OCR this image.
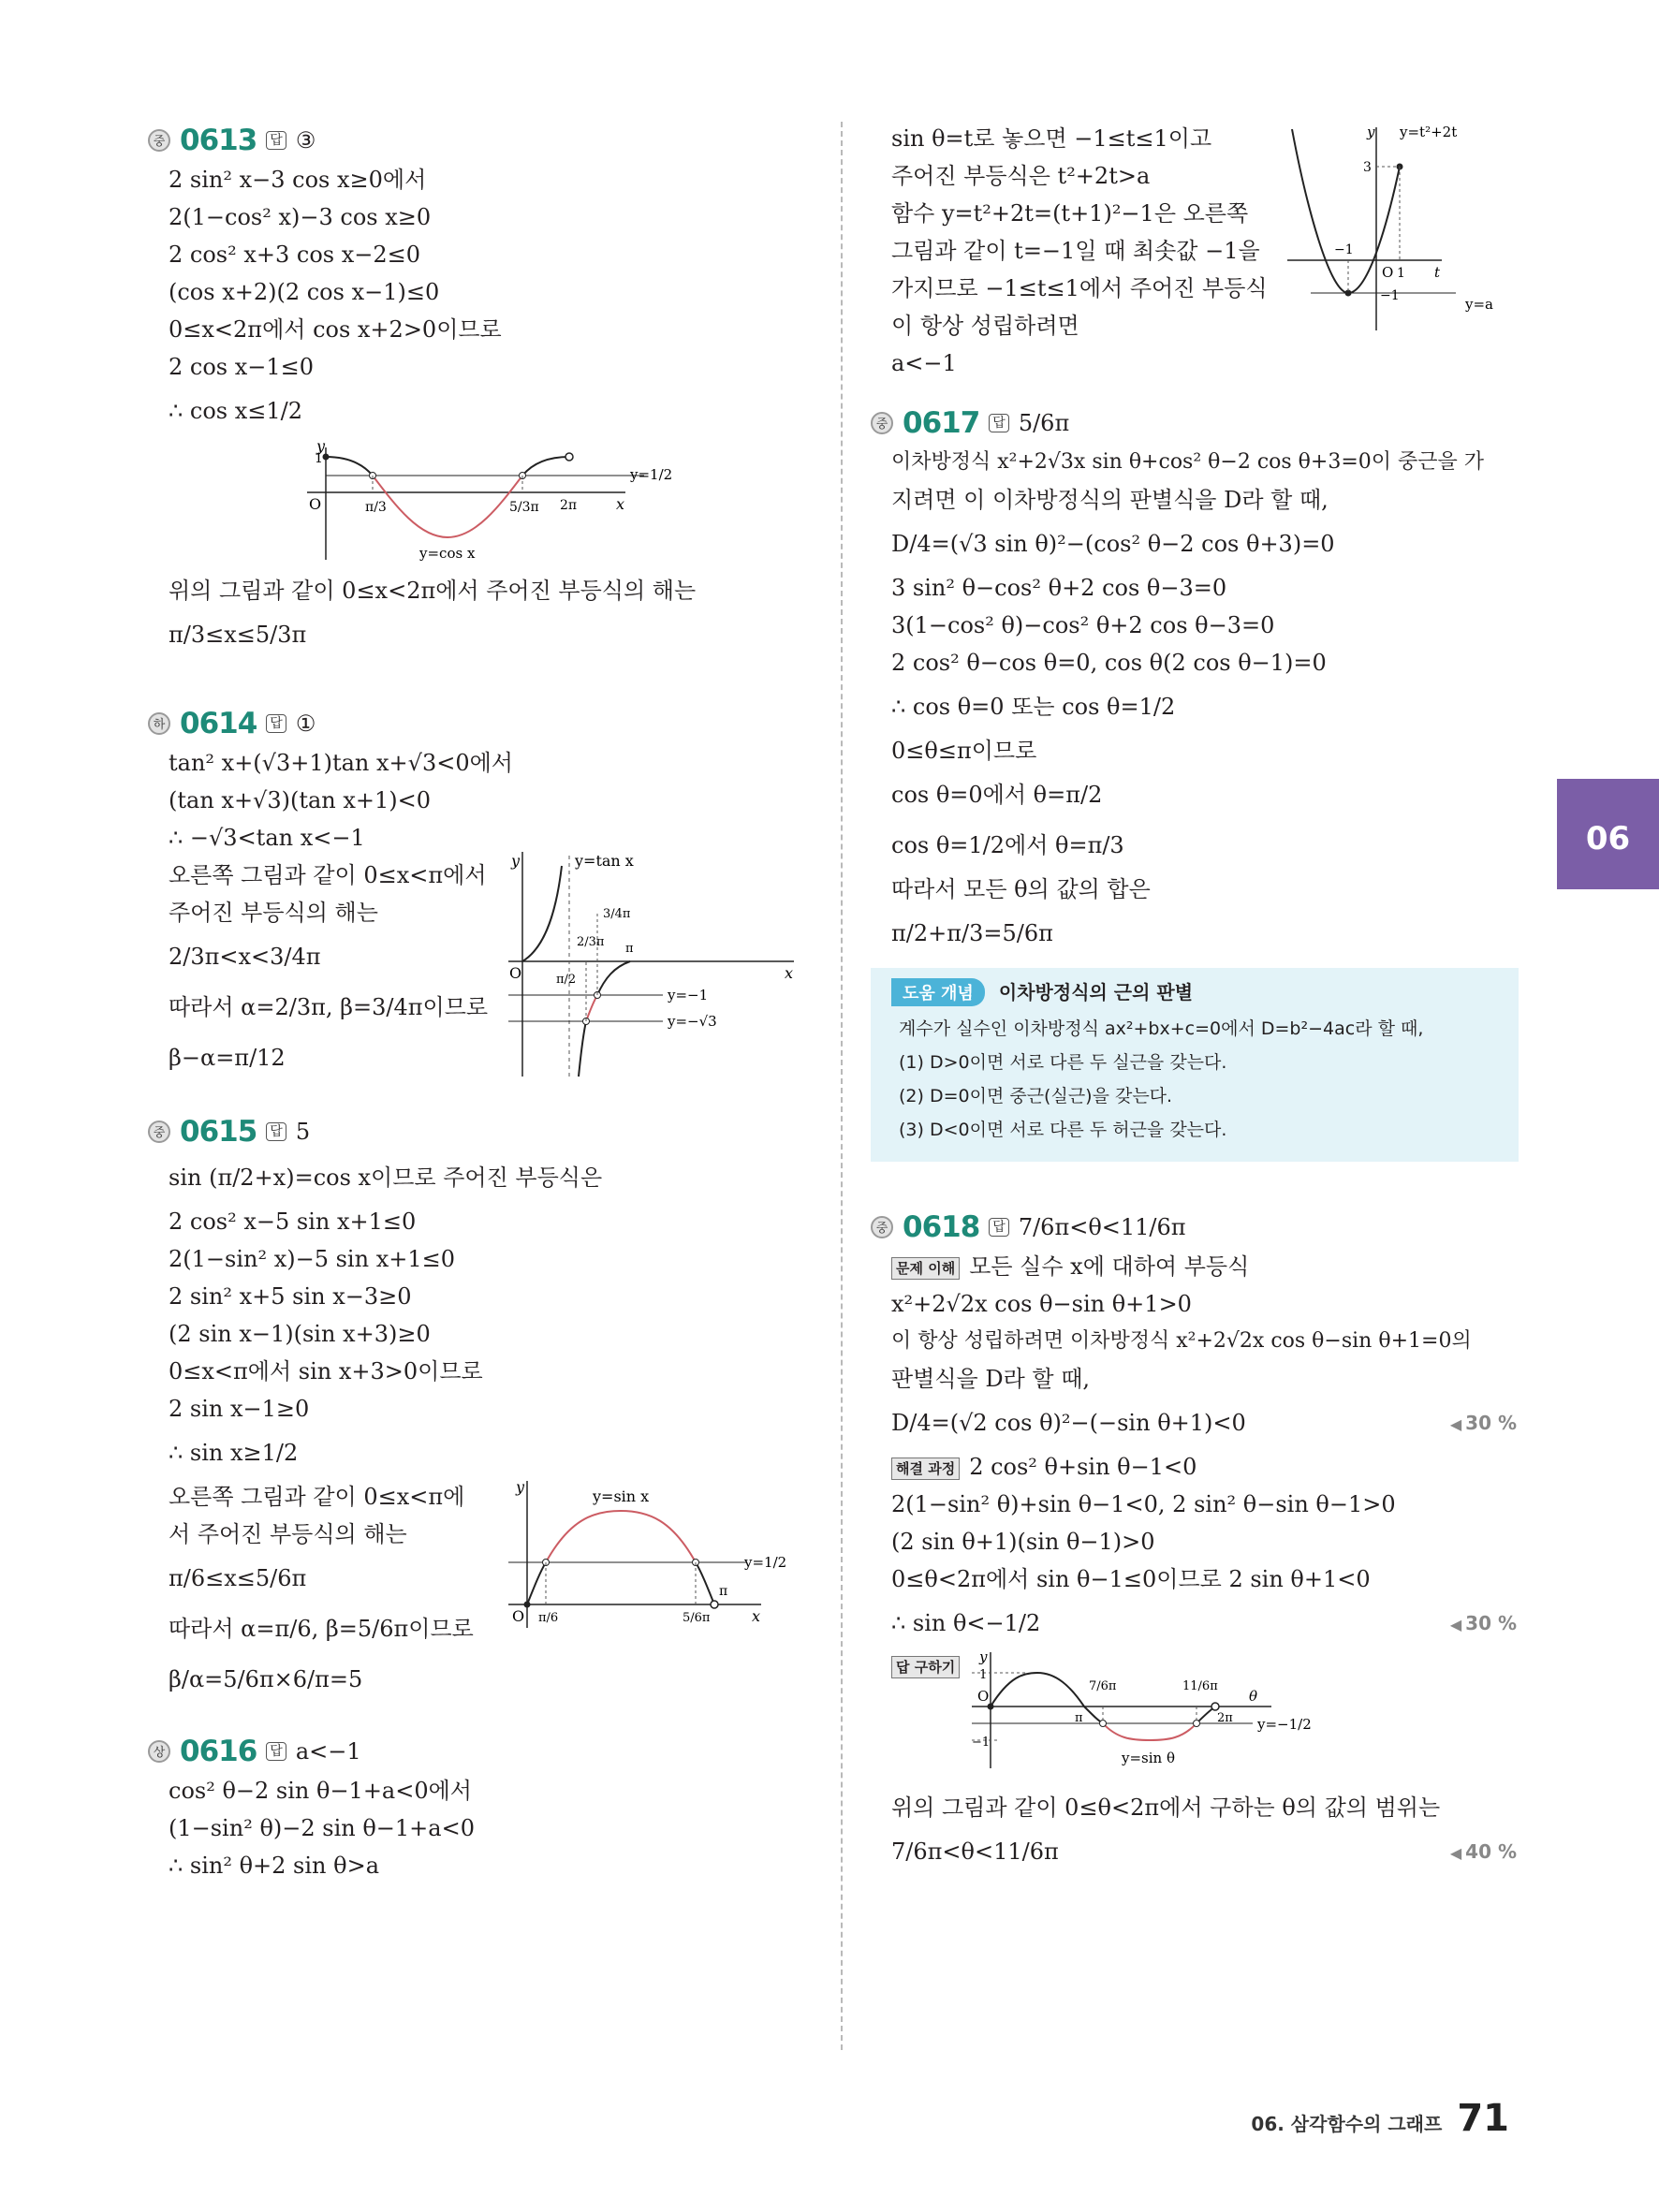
중 0613 답 ③
2 sin² x−3 cos x≥0에서
2(1−cos² x)−3 cos x≥0
2 cos² x+3 cos x−2≤0
(cos x+2)(2 cos x−1)≤0
0≤x<2π에서 cos x+2>0이므로
2 cos x−1≤0
∴ cos x≤1/2
y
1
O	π/3	5/3π 2π	x
y=1/2
y=cos x
위의 그림과 같이 0≤x<2π에서 주어진 부등식의 해는
π/3≤x≤5/3π
하 0614 답 ①
tan² x+(√3+1)tan x+√3<0에서
(tan x+√3)(tan x+1)<0
∴ −√3<tan x<−1
오른쪽 그림과 같이 0≤x<π에서
주어진 부등식의 해는
2/3π<x<3/4π
따라서 α=2/3π, β=3/4π이므로
β−α=π/12
y	y=tan x
O	x
π/2
2/3π
3/4π
π
y=−1
y=−√3
중 0615 답 5
sin (π/2+x)=cos x이므로 주어진 부등식은
2 cos² x−5 sin x+1≤0
2(1−sin² x)−5 sin x+1≤0
2 sin² x+5 sin x−3≥0
(2 sin x−1)(sin x+3)≥0
0≤x<π에서 sin x+3>0이므로
2 sin x−1≥0
∴ sin x≥1/2
오른쪽 그림과 같이 0≤x<π에
서 주어진 부등식의 해는
π/6≤x≤5/6π
따라서 α=π/6, β=5/6π이므로
β/α=5/6π×6/π=5
y
y=sin x
O π/6	5/6π
π
x
y=1/2
상 0616 답 a<−1
cos² θ−2 sin θ−1+a<0에서
(1−sin² θ)−2 sin θ−1+a<0
∴ sin² θ+2 sin θ>a
sin θ=t로 놓으면 −1≤t≤1이고
주어진 부등식은 t²+2t>a
함수 y=t²+2t=(t+1)²−1은 오른쪽
그림과 같이 t=−1일 때 최솟값 −1을
가지므로 −1≤t≤1에서 주어진 부등식
이 항상 성립하려면
a<−1
y y=t²+2t
3
−1
O 1 t
−1	y=a
중 0617 답 5/6π
이차방정식 x²+2√3x sin θ+cos² θ−2 cos θ+3=0이 중근을 가
지려면 이 이차방정식의 판별식을 D라 할 때,
D/4=(√3 sin θ)²−(cos² θ−2 cos θ+3)=0
3 sin² θ−cos² θ+2 cos θ−3=0
3(1−cos² θ)−cos² θ+2 cos θ−3=0
2 cos² θ−cos θ=0, cos θ(2 cos θ−1)=0
∴ cos θ=0 또는 cos θ=1/2
0≤θ≤π이므로
cos θ=0에서 θ=π/2
cos θ=1/2에서 θ=π/3
따라서 모든 θ의 값의 합은
π/2+π/3=5/6π
도움 개념 이차방정식의 근의 판별
계수가 실수인 이차방정식 ax²+bx+c=0에서 D=b²−4ac라 할 때,
(1) D>0이면 서로 다른 두 실근을 갖는다.
(2) D=0이면 중근(실근)을 갖는다.
(3) D<0이면 서로 다른 두 허근을 갖는다.
중 0618 답 7/6π<θ<11/6π
문제 이해 모든 실수 x에 대하여 부등식
x²+2√2x cos θ−sin θ+1>0
이 항상 성립하려면 이차방정식 x²+2√2x cos θ−sin θ+1=0의
판별식을 D라 할 때,
D/4=(√2 cos θ)²−(−sin θ+1)<0	◀ 30 %
해결 과정 2 cos² θ+sin θ−1<0
2(1−sin² θ)+sin θ−1<0, 2 sin² θ−sin θ−1>0
(2 sin θ+1)(sin θ−1)>0
0≤θ<2π에서 sin θ−1≤0이므로 2 sin θ+1<0
∴ sin θ<−1/2	◀ 30 %
답 구하기
y
1
O
−1
π
7/6π	11/6π
2π
θ
y=−1/2
y=sin θ
위의 그림과 같이 0≤θ<2π에서 구하는 θ의 값의 범위는
7/6π<θ<11/6π	◀ 40 %
06
06. 삼각함수의 그래프 71
